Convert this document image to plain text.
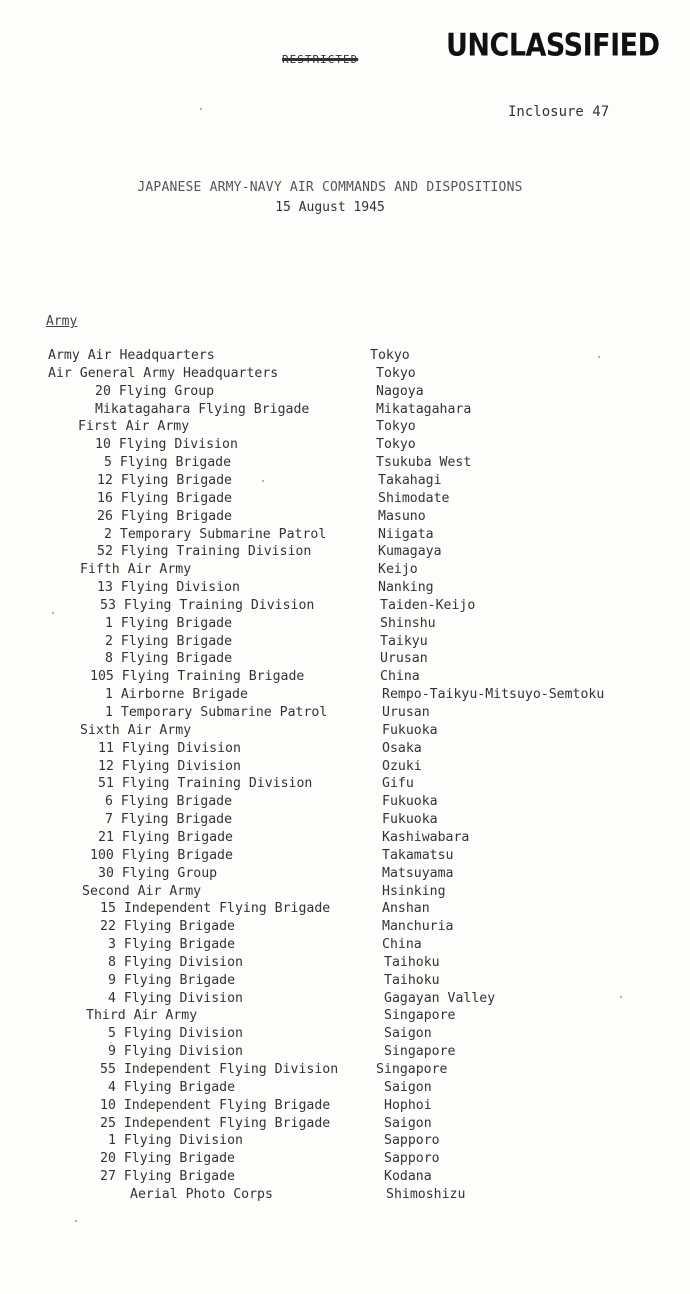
RESTRICTED	UNCLASSIFIED
Inclosure 47
JAPANESE ARMY-NAVY AIR COMMANDS AND DISPOSITIONS
15 August 1945
Army
Army Air Headquarters	Tokyo
Air General Army Headquarters	Tokyo
20 Flying Group	Nagoya
Mikatagahara Flying Brigade	Mikatagahara
First Air Army	Tokyo
10 Flying Division	Tokyo
5 Flying Brigade	Tsukuba West
12 Flying Brigade	Takahagi
16 Flying Brigade	Shimodate
26 Flying Brigade	Masuno
2 Temporary Submarine Patrol	Niigata
52 Flying Training Division	Kumagaya
Fifth Air Army	Keijo
13 Flying Division	Nanking
53 Flying Training Division	Taiden-Keijo
1 Flying Brigade	Shinshu
2 Flying Brigade	Taikyu
8 Flying Brigade	Urusan
105 Flying Training Brigade	China
1 Airborne Brigade	Rempo-Taikyu-Mitsuyo-Semtoku
1 Temporary Submarine Patrol	Urusan
Sixth Air Army	Fukuoka
11 Flying Division	Osaka
12 Flying Division	Ozuki
51 Flying Training Division	Gifu
6 Flying Brigade	Fukuoka
7 Flying Brigade	Fukuoka
21 Flying Brigade	Kashiwabara
100 Flying Brigade	Takamatsu
30 Flying Group	Matsuyama
Second Air Army	Hsinking
15 Independent Flying Brigade	Anshan
22 Flying Brigade	Manchuria
3 Flying Brigade	China
8 Flying Division	Taihoku
9 Flying Brigade	Taihoku
4 Flying Division	Gagayan Valley
Third Air Army	Singapore
5 Flying Division	Saigon
9 Flying Division	Singapore
55 Independent Flying Division	Singapore
4 Flying Brigade	Saigon
10 Independent Flying Brigade	Hophoi
25 Independent Flying Brigade	Saigon
1 Flying Division	Sapporo
20 Flying Brigade	Sapporo
27 Flying Brigade	Kodana
Aerial Photo Corps	Shimoshizu
